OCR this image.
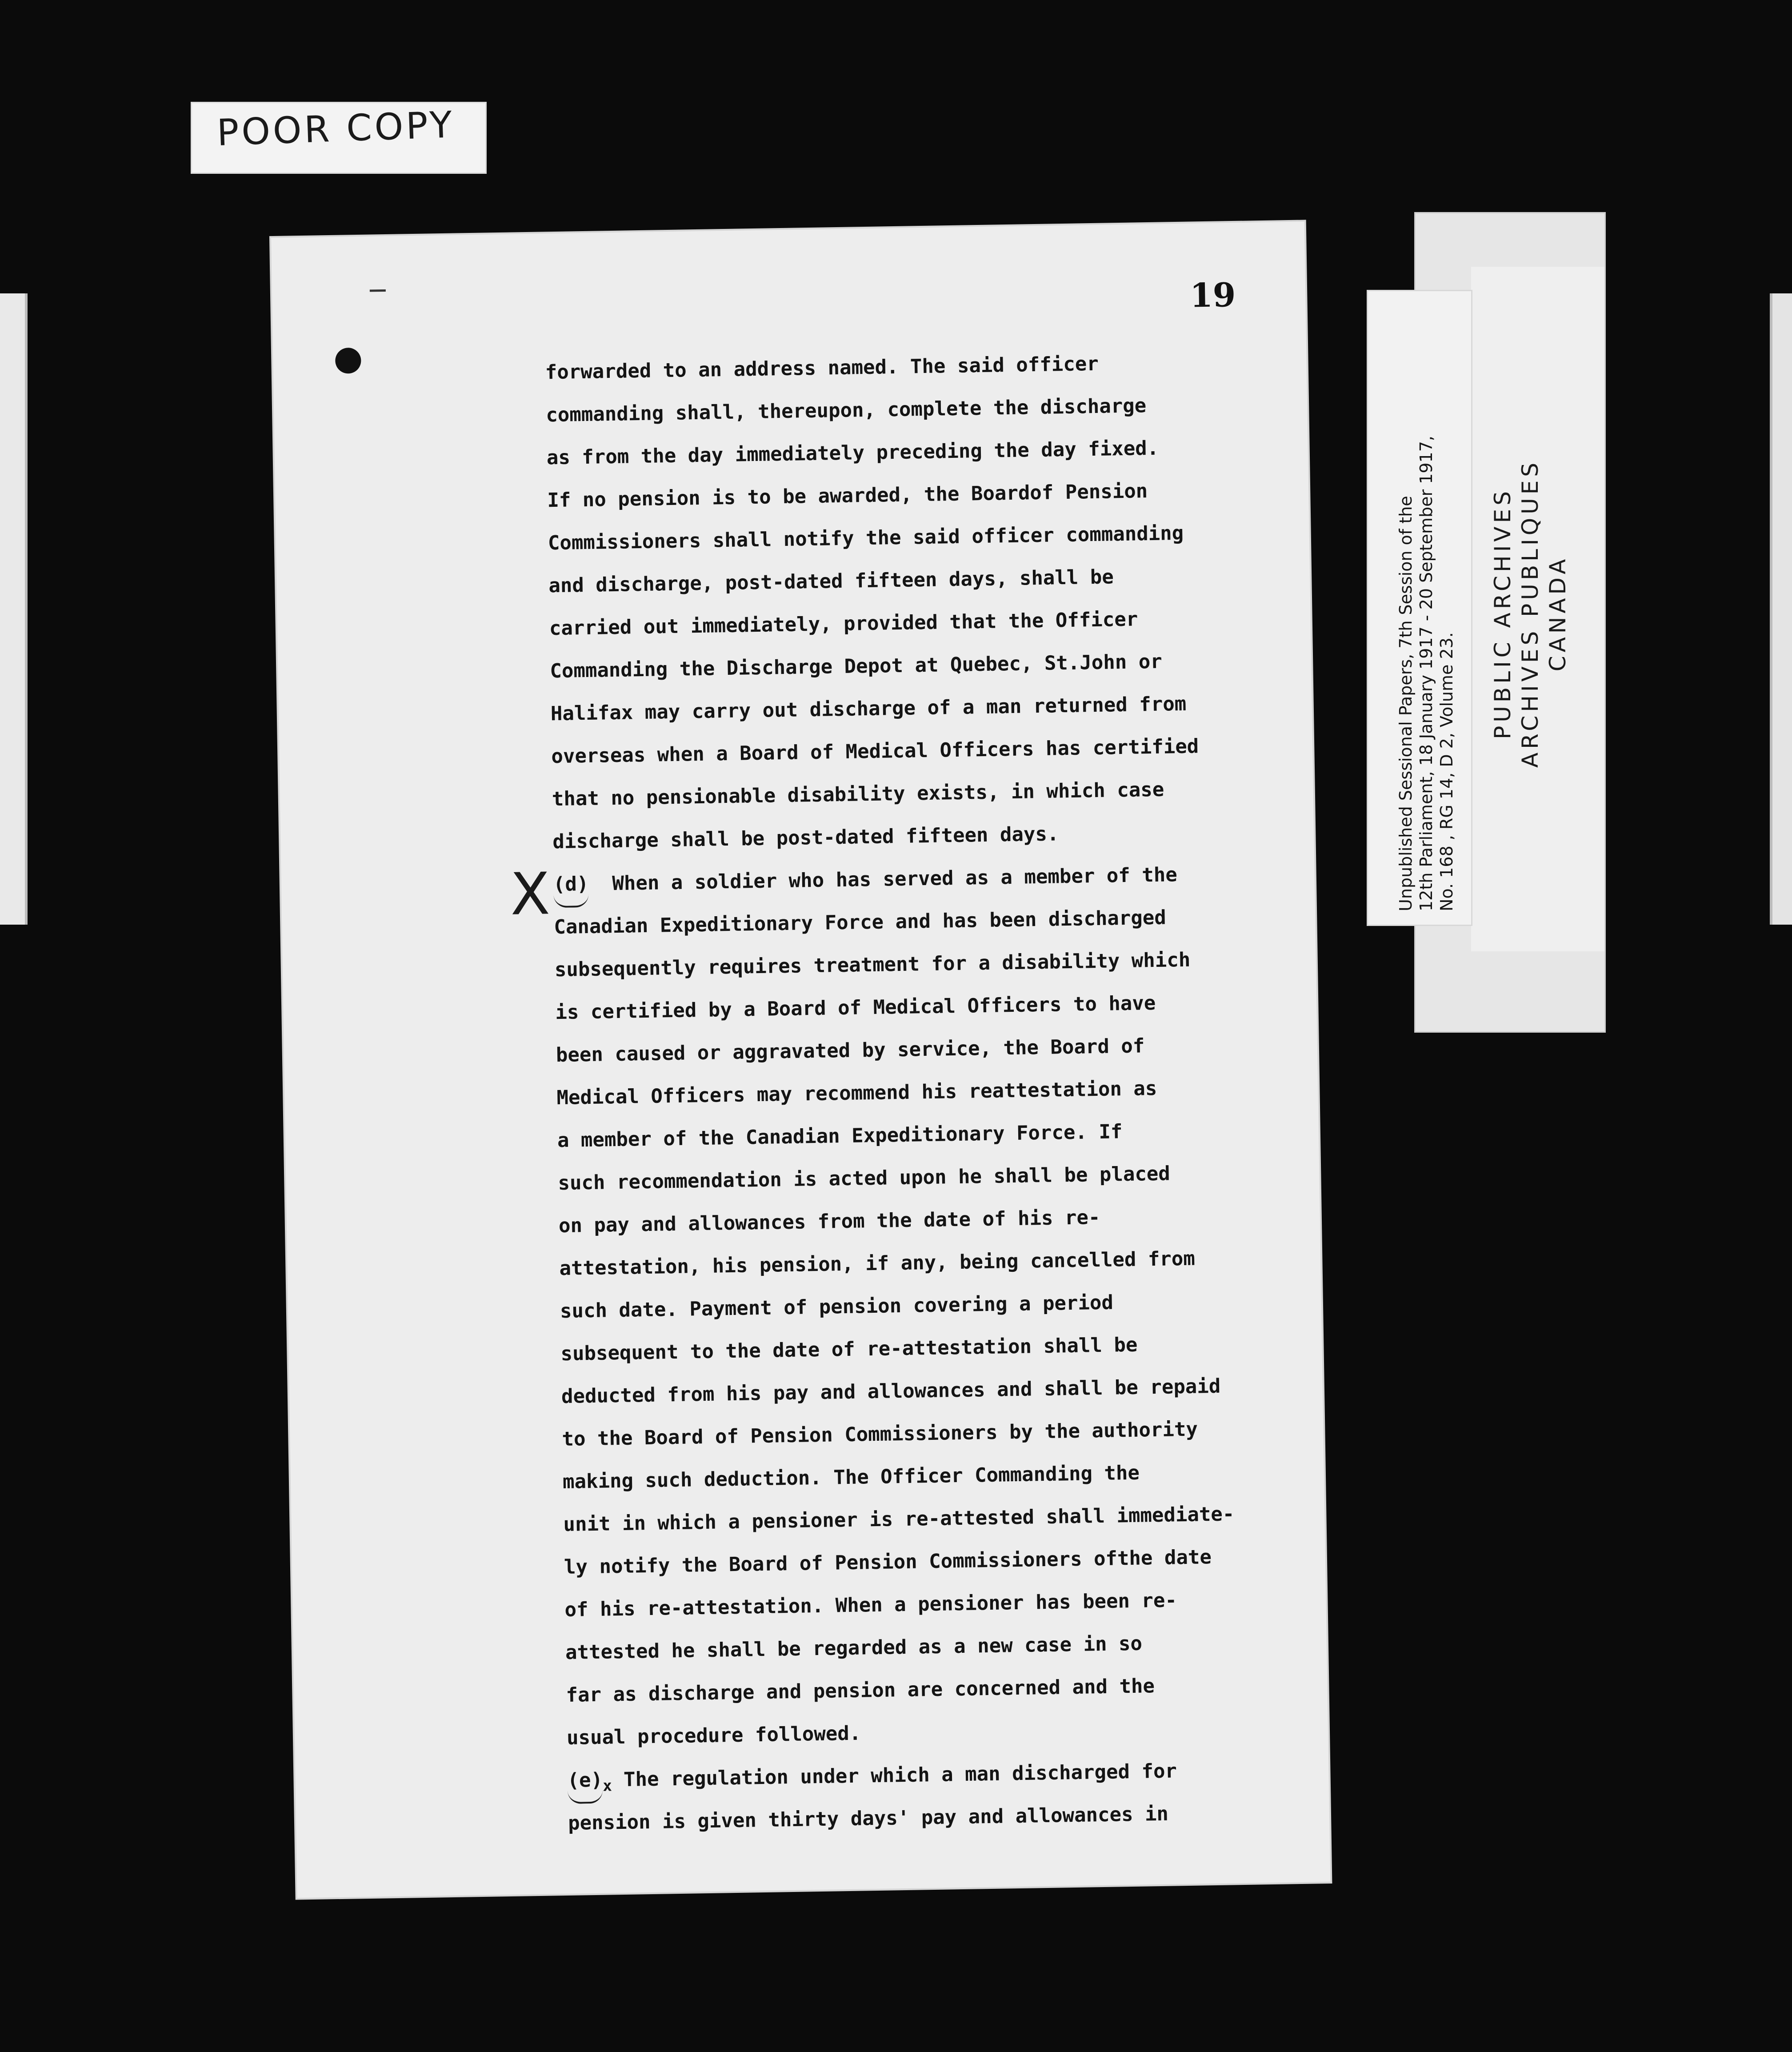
POOR COPY
19
X
forwarded to an address named. The said officer
commanding shall, thereupon, complete the discharge
as from the day immediately preceding the day fixed.
If no pension is to be awarded, the Boardof Pension
Commissioners shall notify the said officer commanding
and discharge, post-dated fifteen days, shall be
carried out immediately, provided that the Officer
Commanding the Discharge Depot at Quebec, St.John or
Halifax may carry out discharge of a man returned from
overseas when a Board of Medical Officers has certified
that no pensionable disability exists, in which case
discharge shall be post-dated fifteen days.
(d) When a soldier who has served as a member of the
Canadian Expeditionary Force and has been discharged
subsequently requires treatment for a disability which
is certified by a Board of Medical Officers to have
been caused or aggravated by service, the Board of
Medical Officers may recommend his reattestation as
a member of the Canadian Expeditionary Force. If
such recommendation is acted upon he shall be placed
on pay and allowances from the date of his re-
attestation, his pension, if any, being cancelled from
such date. Payment of pension covering a period
subsequent to the date of re-attestation shall be
deducted from his pay and allowances and shall be repaid
to the Board of Pension Commissioners by the authority
making such deduction. The Officer Commanding the
unit in which a pensioner is re-attested shall immediate-
ly notify the Board of Pension Commissioners ofthe date
of his re-attestation. When a pensioner has been re-
attested he shall be regarded as a new case in so
far as discharge and pension are concerned and the
usual procedure followed.
(e)x The regulation under which a man discharged for
pension is given thirty days' pay and allowances in
Unpublished Sessional Papers, 7th Session of the 12th Parliament, 18 January 1917 - 20 September 1917, No. 168 , RG 14, D 2, Volume 23.
PUBLIC ARCHIVES ARCHIVES PUBLIQUES CANADA
